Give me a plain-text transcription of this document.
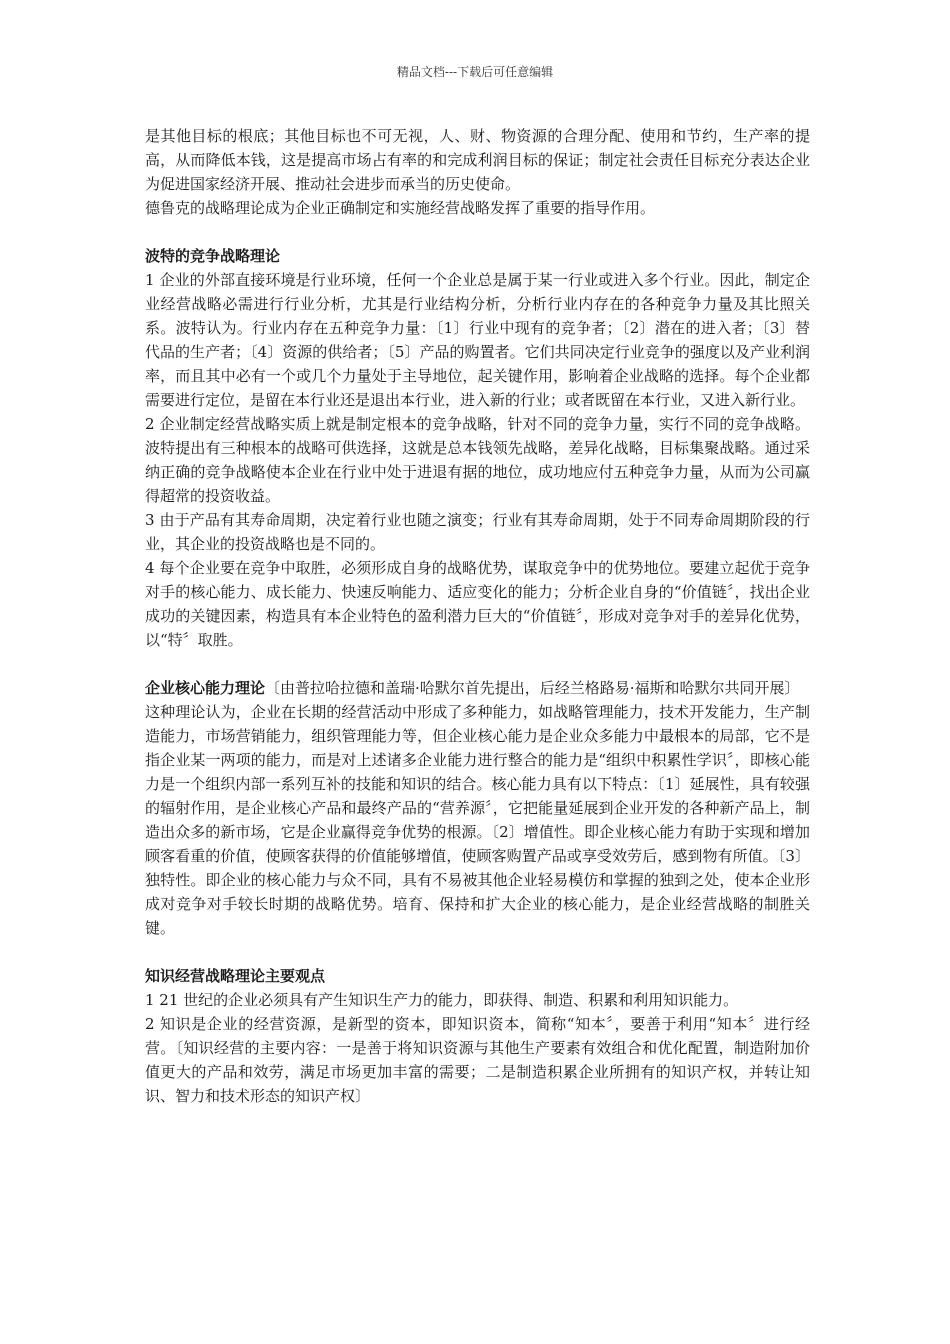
精品文档---下载后可任意编辑

是其他目标的根底；其他目标也不可无视，人、财、物资源的合理分配、使用和节约，生产率的提高，从而降低本钱，这是提高市场占有率的和完成利润目标的保证；制定社会责任目标充分表达企业为促进国家经济开展、推动社会进步而承当的历史使命。

德鲁克的战略理论成为企业正确制定和实施经营战略发挥了重要的指导作用。

波特的竞争战略理论

1 企业的外部直接环境是行业环境，任何一个企业总是属于某一行业或进入多个行业。因此，制定企业经营战略必需进行行业分析，尤其是行业结构分析，分析行业内存在的各种竞争力量及其比照关系。波特认为。行业内存在五种竞争力量：〔1〕行业中现有的竞争者；〔2〕潜在的进入者；〔3〕替代品的生产者；〔4〕资源的供给者；〔5〕产品的购置者。它们共同决定行业竞争的强度以及产业利润率，而且其中必有一个或几个力量处于主导地位，起关键作用，影响着企业战略的选择。每个企业都需要进行定位，是留在本行业还是退出本行业，进入新的行业；或者既留在本行业，又进入新行业。

2 企业制定经营战略实质上就是制定根本的竞争战略，针对不同的竞争力量，实行不同的竞争战略。波特提出有三种根本的战略可供选择，这就是总本钱领先战略，差异化战略，目标集聚战略。通过采纳正确的竞争战略使本企业在行业中处于进退有据的地位，成功地应付五种竞争力量，从而为公司赢得超常的投资收益。

3 由于产品有其寿命周期，决定着行业也随之演变；行业有其寿命周期，处于不同寿命周期阶段的行业，其企业的投资战略也是不同的。

4 每个企业要在竞争中取胜，必须形成自身的战略优势，谋取竞争中的优势地位。要建立起优于竞争对手的核心能力、成长能力、快速反响能力、适应变化的能力；分析企业自身的“价值链〞，找出企业成功的关键因素，构造具有本企业特色的盈利潜力巨大的“价值链〞，形成对竞争对手的差异化优势，以“特〞取胜。

企业核心能力理论〔由普拉哈拉德和盖瑞·哈默尔首先提出，后经兰格路易·福斯和哈默尔共同开展〕

这种理论认为，企业在长期的经营活动中形成了多种能力，如战略管理能力，技术开发能力，生产制造能力，市场营销能力，组织管理能力等，但企业核心能力是企业众多能力中最根本的局部，它不是指企业某一两项的能力，而是对上述诸多企业能力进行整合的能力是“组织中积累性学识〞，即核心能力是一个组织内部一系列互补的技能和知识的结合。核心能力具有以下特点：〔1〕延展性，具有较强的辐射作用，是企业核心产品和最终产品的“营养源〞，它把能量延展到企业开发的各种新产品上，制造出众多的新市场，它是企业赢得竞争优势的根源。〔2〕增值性。即企业核心能力有助于实现和增加顾客看重的价值，使顾客获得的价值能够增值，使顾客购置产品或享受效劳后，感到物有所值。〔3〕独特性。即企业的核心能力与众不同，具有不易被其他企业轻易模仿和掌握的独到之处，使本企业形成对竞争对手较长时期的战略优势。培育、保持和扩大企业的核心能力，是企业经营战略的制胜关键。

知识经营战略理论主要观点

1 21 世纪的企业必须具有产生知识生产力的能力，即获得、制造、积累和利用知识能力。

2 知识是企业的经营资源，是新型的资本，即知识资本，简称“知本〞，要善于利用“知本〞进行经营。〔知识经营的主要内容：一是善于将知识资源与其他生产要素有效组合和优化配置，制造附加价值更大的产品和效劳，满足市场更加丰富的需要；二是制造积累企业所拥有的知识产权，并转让知识、智力和技术形态的知识产权〕
